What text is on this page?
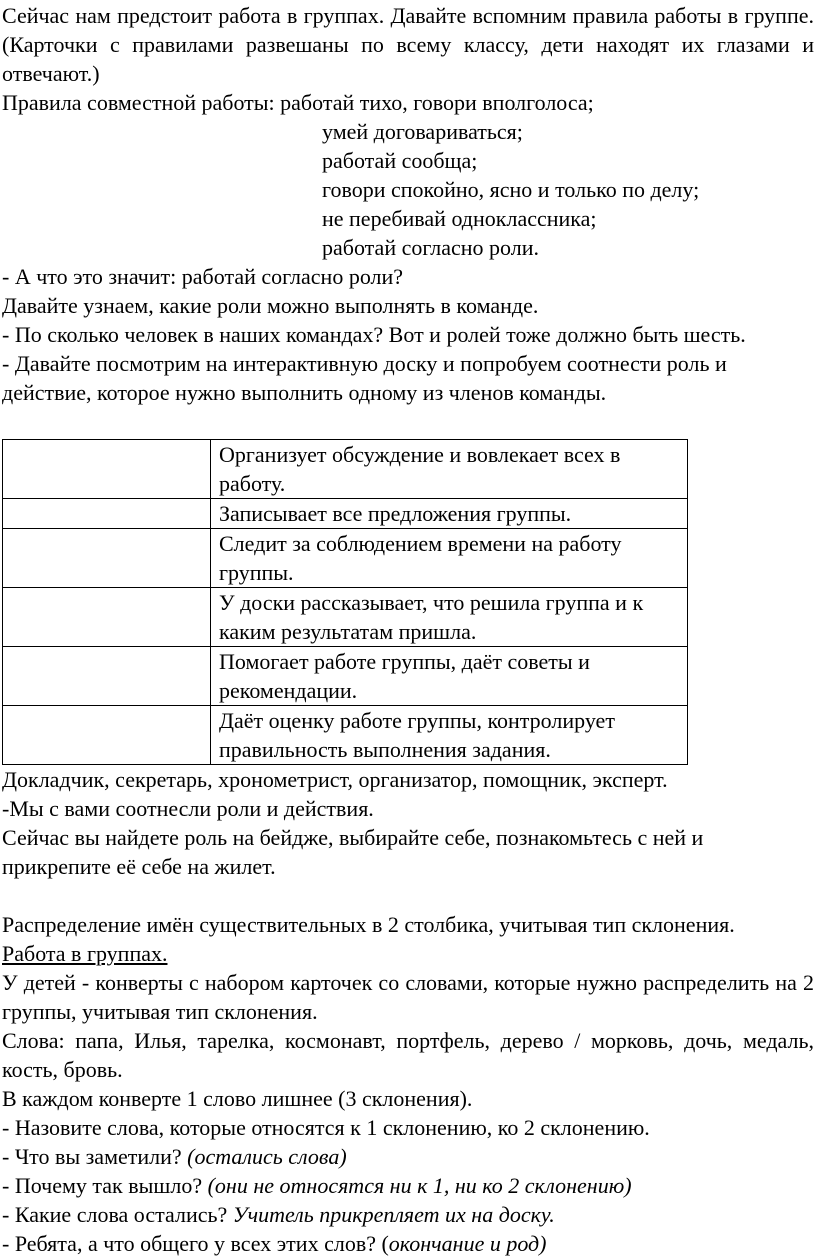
Сейчас нам предстоит работа в группах. Давайте вспомним правила работы в группе. (Карточки с правилами развешаны по всему классу, дети находят их глазами и отвечают.)

Правила совместной работы: работай тихо, говори вполголоса;

умей договариваться;

работай сообща;

говори спокойно, ясно и только по делу;

не перебивай одноклассника;

работай согласно роли.

- А что это значит: работай согласно роли?

Давайте узнаем, какие роли можно выполнять в команде.

- По сколько человек в наших командах? Вот и ролей тоже должно быть шесть.

- Давайте посмотрим на интерактивную доску и попробуем соотнести роль и действие, которое нужно выполнить одному из членов команды.

	Организует обсуждение и вовлекает всех в работу.
	Записывает все предложения группы.
	Следит за соблюдением времени на работу группы.
	У доски рассказывает, что решила группа и к каким результатам пришла.
	Помогает работе группы, даёт советы и рекомендации.
	Даёт оценку работе группы, контролирует правильность выполнения задания.

Докладчик, секретарь, хронометрист, организатор, помощник, эксперт.

-Мы с вами соотнесли роли и действия.

Сейчас вы найдете роль на бейдже, выбирайте себе, познакомьтесь с ней и прикрепите её себе на жилет.

Распределение имён существительных в 2 столбика, учитывая тип склонения.

Работа в группах.

У детей - конверты с набором карточек со словами, которые нужно распределить на 2 группы, учитывая тип склонения.

Слова: папа, Илья, тарелка, космонавт, портфель, дерево / морковь, дочь, медаль, кость, бровь.

В каждом конверте 1 слово лишнее (3 склонения).

- Назовите слова, которые относятся к 1 склонению, ко 2 склонению.

- Что вы заметили? (остались слова)

- Почему так вышло? (они не относятся ни к 1, ни ко 2 склонению)

- Какие слова остались? Учитель прикрепляет их на доску.

- Ребята, а что общего у всех этих слов? (окончание и род)
